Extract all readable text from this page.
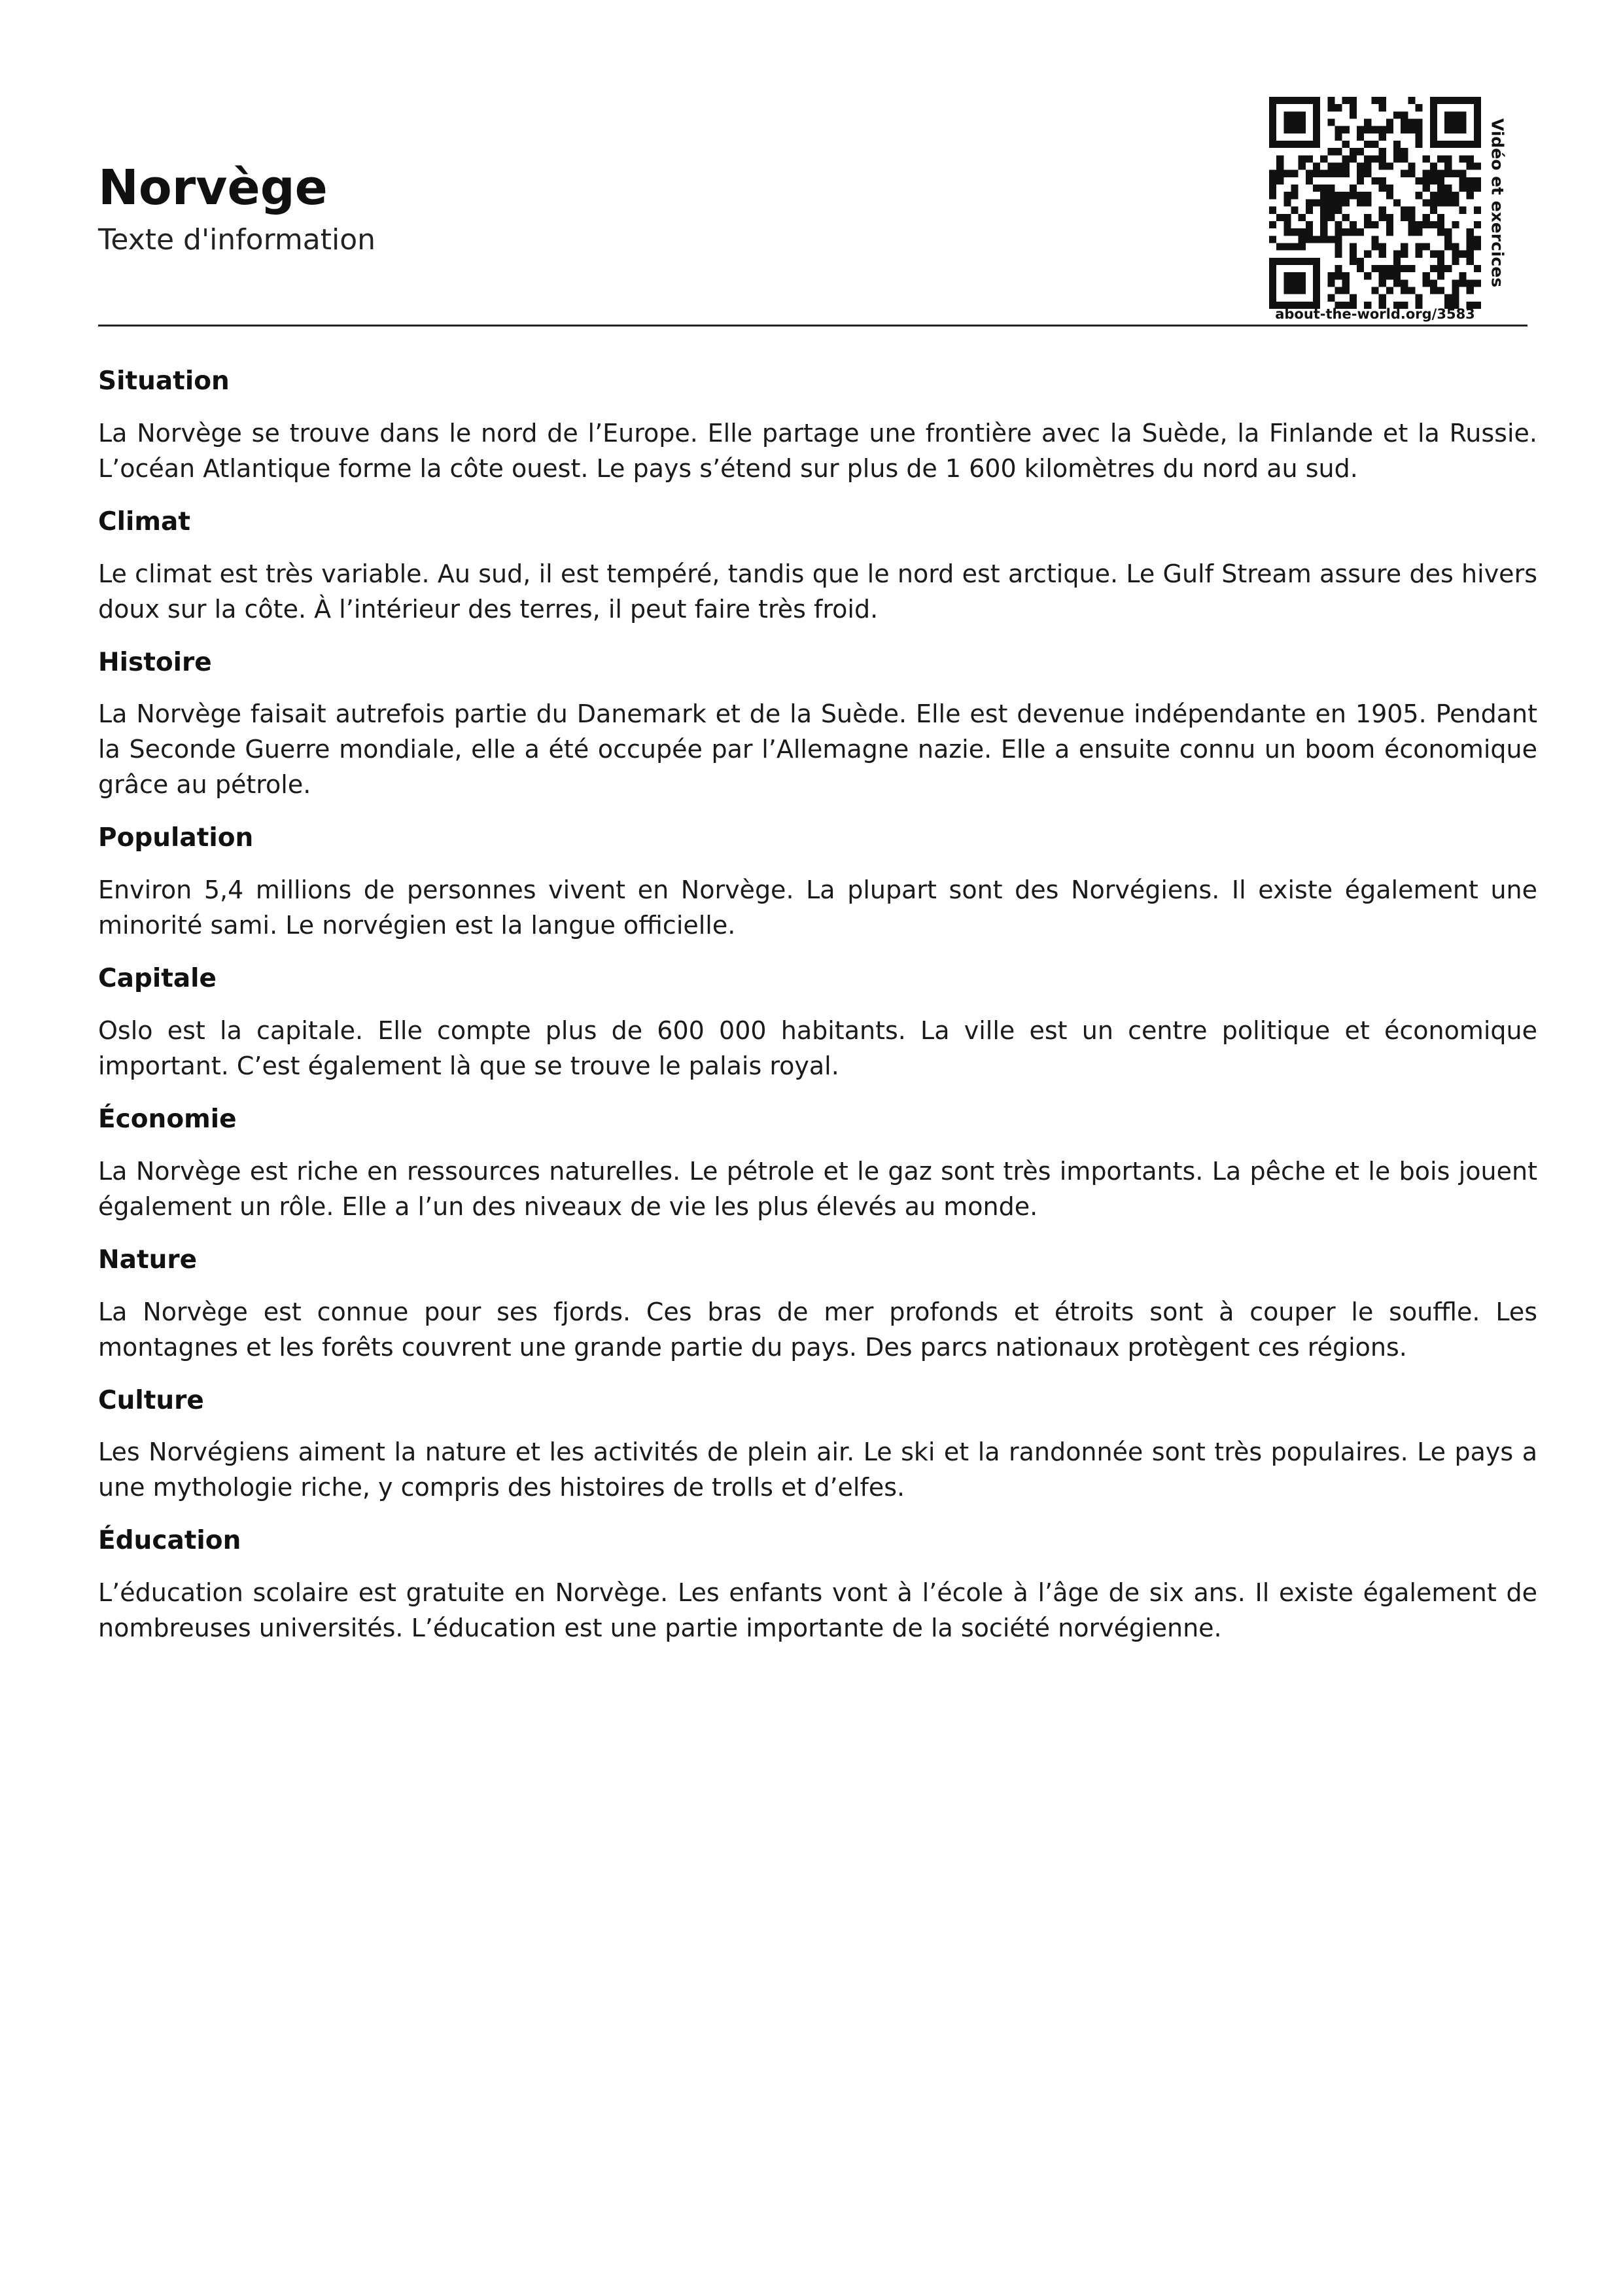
Norvège
Texte d'information
about-the-world.org/3583
Vidéo et exercices
Situation

La Norvège se trouve dans le nord de l’Europe. Elle partage une frontière avec la Suède, la Finlande et la Russie. L’océan Atlantique forme la côte ouest. Le pays s’étend sur plus de 1 600 kilomètres du nord au sud.

Climat

Le climat est très variable. Au sud, il est tempéré, tandis que le nord est arctique. Le Gulf Stream assure des hivers doux sur la côte. À l’intérieur des terres, il peut faire très froid.

Histoire

La Norvège faisait autrefois partie du Danemark et de la Suède. Elle est devenue indépendante en 1905. Pendant la Seconde Guerre mondiale, elle a été occupée par l’Allemagne nazie. Elle a ensuite connu un boom économique grâce au pétrole.

Population

Environ 5,4 millions de personnes vivent en Norvège. La plupart sont des Norvégiens. Il existe également une minorité sami. Le norvégien est la langue officielle.

Capitale

Oslo est la capitale. Elle compte plus de 600 000 habitants. La ville est un centre politique et économique important. C’est également là que se trouve le palais royal.

Économie

La Norvège est riche en ressources naturelles. Le pétrole et le gaz sont très importants. La pêche et le bois jouent également un rôle. Elle a l’un des niveaux de vie les plus élevés au monde.

Nature

La Norvège est connue pour ses fjords. Ces bras de mer profonds et étroits sont à couper le souffle. Les montagnes et les forêts couvrent une grande partie du pays. Des parcs nationaux protègent ces régions.

Culture

Les Norvégiens aiment la nature et les activités de plein air. Le ski et la randonnée sont très populaires. Le pays a une mythologie riche, y compris des histoires de trolls et d’elfes.

Éducation

L’éducation scolaire est gratuite en Norvège. Les enfants vont à l’école à l’âge de six ans. Il existe également de nombreuses universités. L’éducation est une partie importante de la société norvégienne.
